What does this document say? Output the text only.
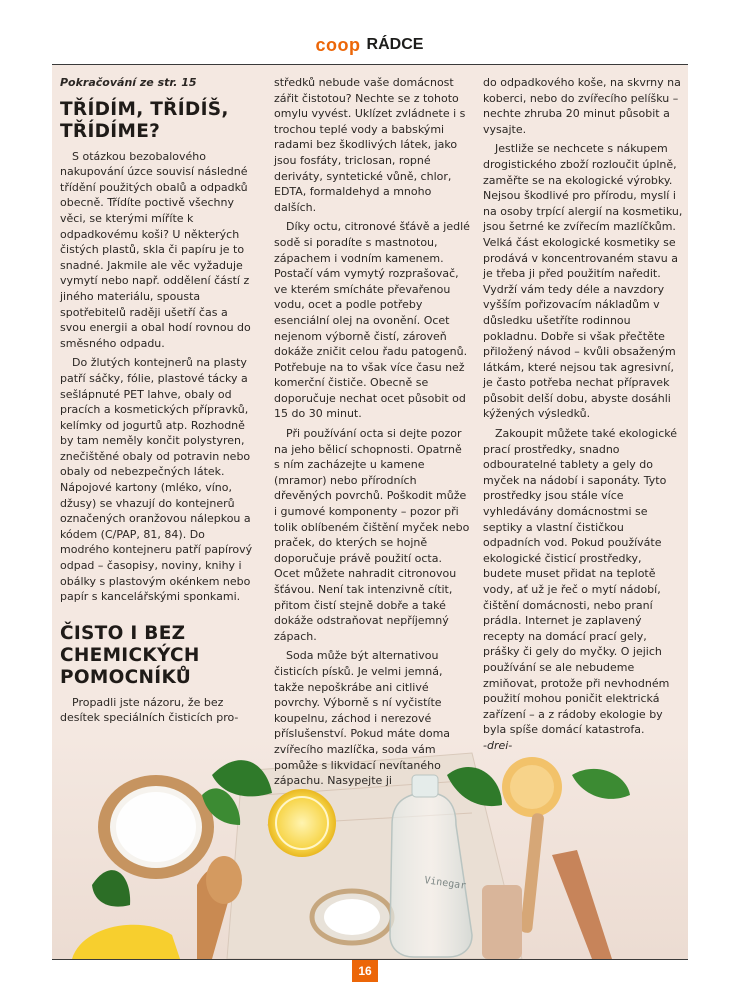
coop RÁDCE
Vinegar

Pokračování ze str. 15

TŘÍDÍM, TŘÍDÍŠ, TŘÍDÍME?

S otázkou bezobalového nakupování úzce souvisí následné třídění použitých obalů a odpadků obecně. Třídíte poctivě všechny věci, se kterými míříte k odpadkovému koši? U některých čistých plastů, skla či papíru je to snadné. Jakmile ale věc vyžaduje vymytí nebo např. oddělení částí z jiného materiálu, spousta spotřebitelů raději ušetří čas a svou energii a obal hodí rovnou do směsného odpadu.

Do žlutých kontejnerů na plasty patří sáčky, fólie, plastové tácky a sešlápnuté PET lahve, obaly od pracích a kosmetických přípravků, kelímky od jogurtů atp. Rozhodně by tam neměly končit polystyren, znečištěné obaly od potravin nebo obaly od nebezpečných látek. Nápojové kartony (mléko, víno, džusy) se vhazují do kontejnerů označených oranžovou nálepkou a kódem (C/PAP, 81, 84). Do modrého kontejneru patří papírový odpad – časopisy, noviny, knihy i obálky s plastovým okénkem nebo papír s kancelářskými sponkami.

ČISTO I BEZ CHEMICKÝCH POMOCNÍKŮ

Propadli jste názoru, že bez desítek speciálních čisticích pro-

středků nebude vaše domácnost zářit čistotou? Nechte se z tohoto omylu vyvést. Uklízet zvládnete i s trochou teplé vody a babskými radami bez škodlivých látek, jako jsou fosfáty, triclosan, ropné deriváty, syntetické vůně, chlor, EDTA, formaldehyd a mnoho dalších.

Díky octu, citronové šťávě a jedlé sodě si poradíte s mastnotou, zápachem i vodním kamenem. Postačí vám vymytý rozprašovač, ve kterém smícháte převařenou vodu, ocet a podle potřeby esenciální olej na ovonění. Ocet nejenom výborně čistí, zároveň dokáže zničit celou řadu patogenů. Potřebuje na to však více času než komerční čističe. Obecně se doporučuje nechat ocet působit od 15 do 30 minut.

Při používání octa si dejte pozor na jeho bělicí schopnosti. Opatrně s ním zacházejte u kamene (mramor) nebo přírodních dřevěných povrchů. Poškodit může i gumové komponenty – pozor při tolik oblíbeném čištění myček nebo praček, do kterých se hojně doporučuje právě použití octa. Ocet můžete nahradit citronovou šťávou. Není tak intenzivně cítit, přitom čistí stejně dobře a také dokáže odstraňovat nepříjemný zápach.

Soda může být alternativou čisticích písků. Je velmi jemná, takže nepoškrábe ani citlivé povrchy. Výborně s ní vyčistíte koupelnu, záchod i nerezové příslušenství. Pokud máte doma zvířecího mazlíčka, soda vám pomůže s likvidací nevítaného zápachu. Nasypejte ji

do odpadkového koše, na skvrny na koberci, nebo do zvířecího pelíšku – nechte zhruba 20 minut působit a vysajte.

Jestliže se nechcete s nákupem drogistického zboží rozloučit úplně, zaměřte se na ekologické výrobky. Nejsou škodlivé pro přírodu, myslí i na osoby trpící alergií na kosmetiku, jsou šetrné ke zvířecím mazlíčkům. Velká část ekologické kosmetiky se prodává v koncentrovaném stavu a je třeba ji před použitím naředit. Vydrží vám tedy déle a navzdory vyšším pořizovacím nákladům v důsledku ušetříte rodinnou pokladnu. Dobře si však přečtěte přiložený návod – kvůli obsaženým látkám, které nejsou tak agresivní, je často potřeba nechat přípravek působit delší dobu, abyste dosáhli kýžených výsledků.

Zakoupit můžete také ekologické prací prostředky, snadno odbouratelné tablety a gely do myček na nádobí i saponáty. Tyto prostředky jsou stále více vyhledávány domácnostmi se septiky a vlastní čističkou odpadních vod. Pokud používáte ekologické čisticí prostředky, budete muset přidat na teplotě vody, ať už je řeč o mytí nádobí, čištění domácnosti, nebo praní prádla. Internet je zaplavený recepty na domácí prací gely, prášky či gely do myčky. O jejich používání se ale nebudeme zmiňovat, protože při nevhodném použití mohou poničit elektrická zařízení – a z rádoby ekologie by byla spíše domácí katastrofa.

-drei-

16
